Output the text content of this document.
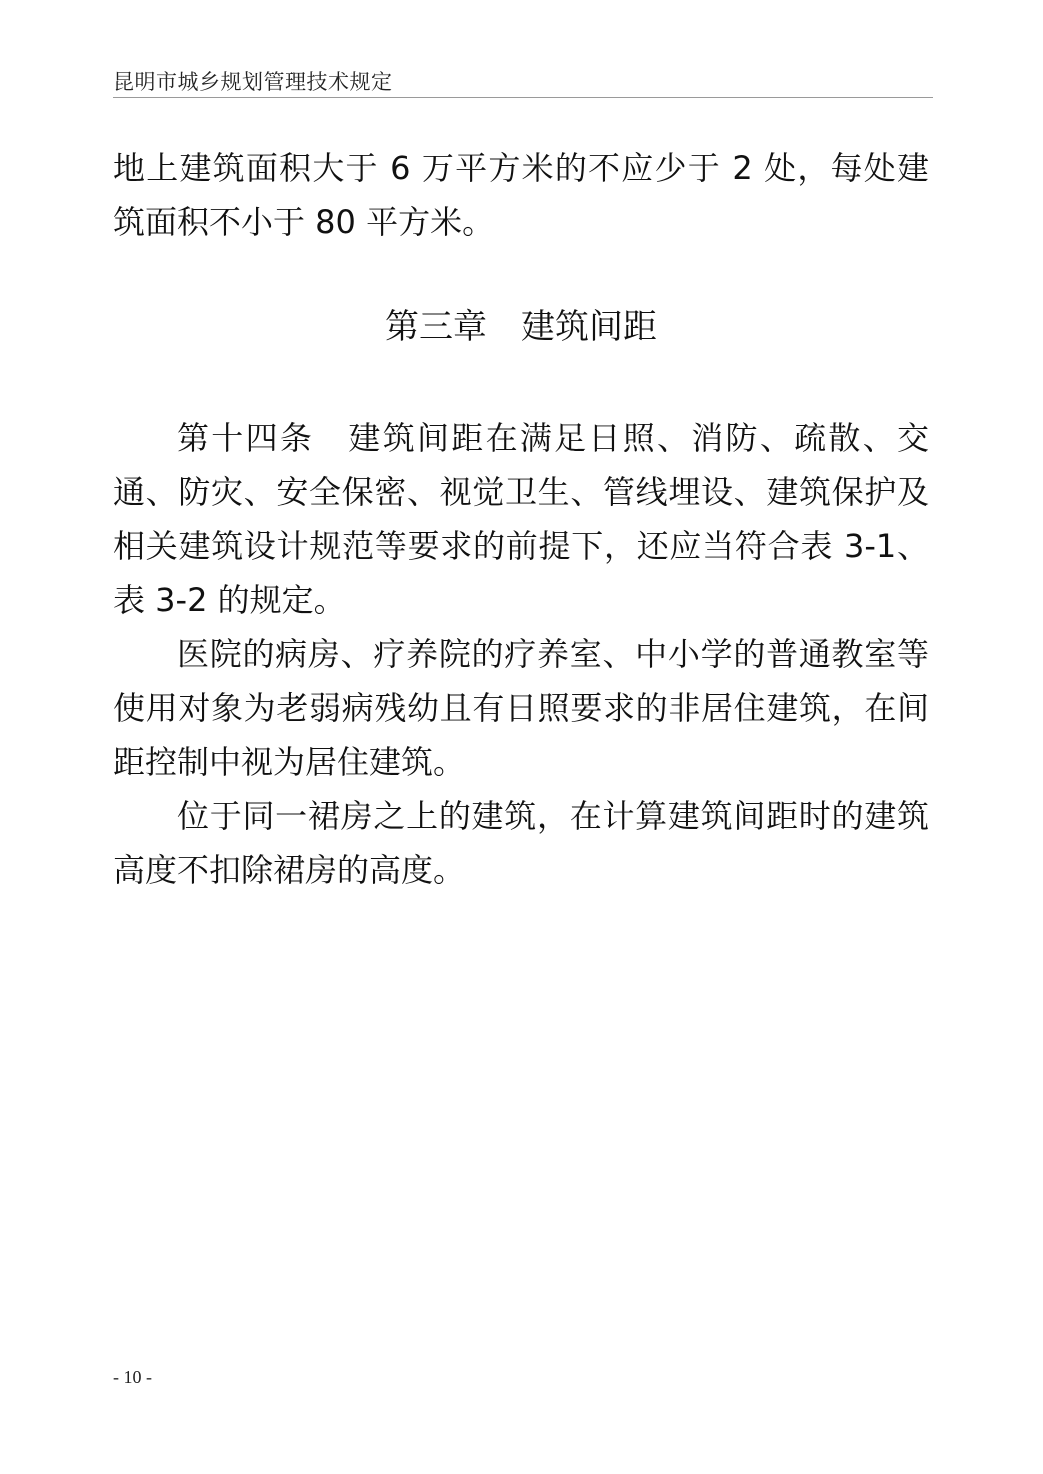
昆明市城乡规划管理技术规定

地上建筑面积大于 6 万平方米的不应少于 2 处，每处建筑面积不小于 80 平方米。

第三章　建筑间距

第十四条　建筑间距在满足日照、消防、疏散、交通、防灾、安全保密、视觉卫生、管线埋设、建筑保护及相关建筑设计规范等要求的前提下，还应当符合表 3-1、表 3-2 的规定。

医院的病房、疗养院的疗养室、中小学的普通教室等使用对象为老弱病残幼且有日照要求的非居住建筑，在间距控制中视为居住建筑。

位于同一裙房之上的建筑，在计算建筑间距时的建筑高度不扣除裙房的高度。

- 10 -
